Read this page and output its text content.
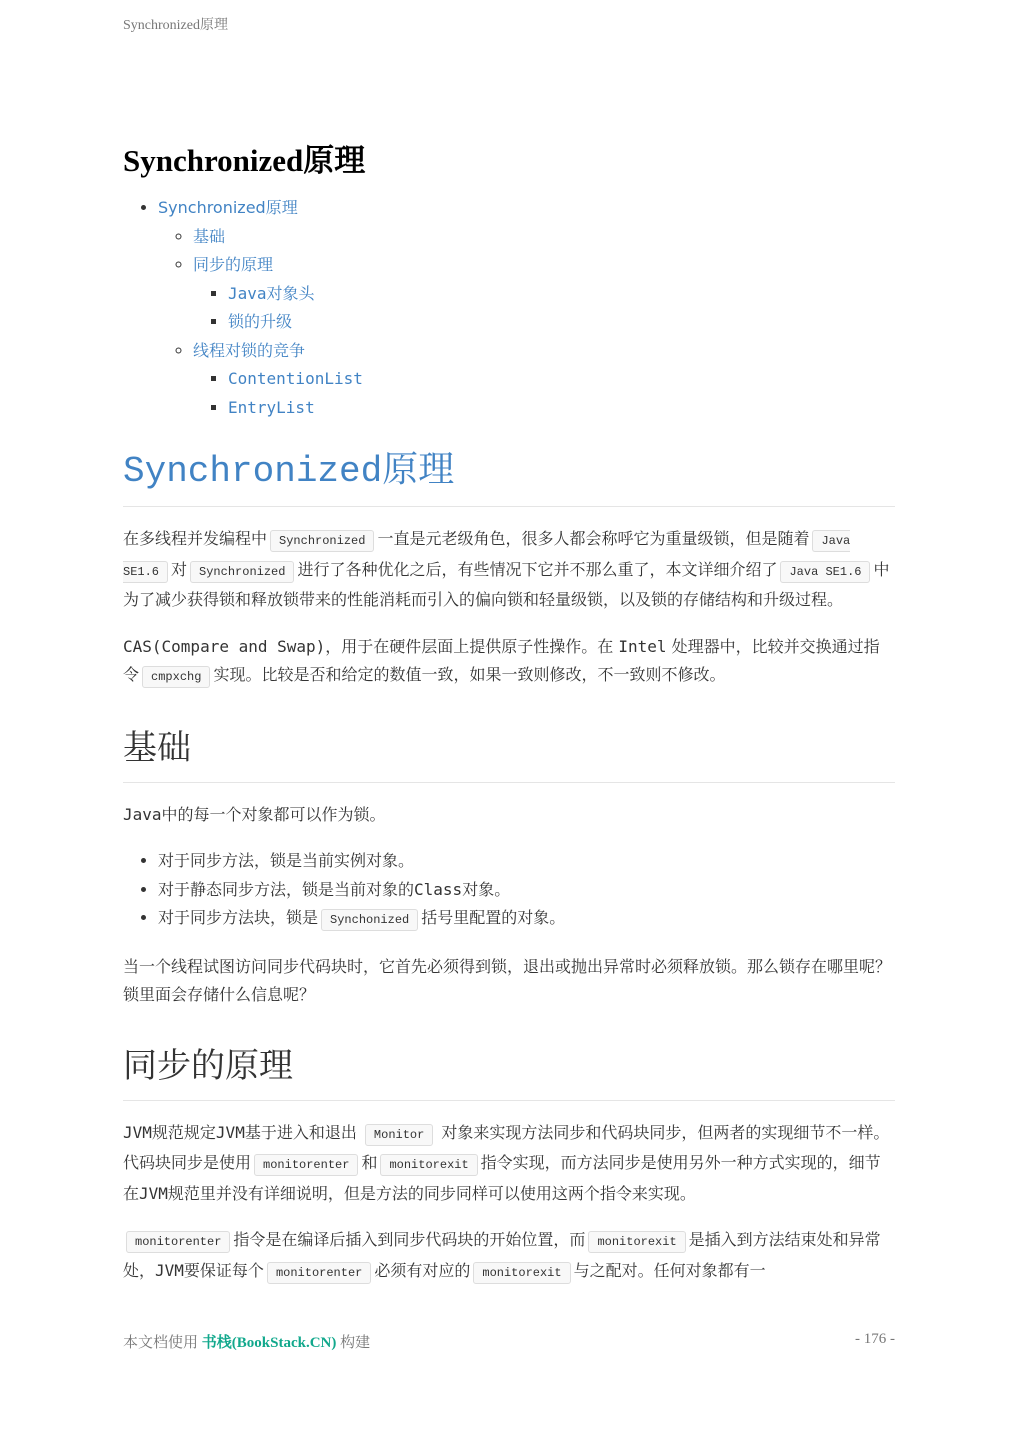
Synchronized原理
Synchronized原理
• Synchronized原理
◦ 基础
◦ 同步的原理
▪ Java对象头
▪ 锁的升级
◦ 线程对锁的竞争
▪ ContentionList
▪ EntryList
Synchronized原理

在多线程并发编程中 Synchronized 一直是元老级角色，很多人都会称呼它为重量级锁，但是随着 Java SE1.6 对 Synchronized 进行了各种优化之后，有些情况下它并不那么重了，本文详细介绍了 Java SE1.6 中为了减少获得锁和释放锁带来的性能消耗而引入的偏向锁和轻量级锁，以及锁的存储结构和升级过程。

CAS(Compare and Swap)，用于在硬件层面上提供原子性操作。在 Intel 处理器中，比较并交换通过指令 cmpxchg 实现。比较是否和给定的数值一致，如果一致则修改，不一致则不修改。

基础

Java中的每一个对象都可以作为锁。

• 对于同步方法，锁是当前实例对象。
• 对于静态同步方法，锁是当前对象的Class对象。
• 对于同步方法块，锁是 Synchonized 括号里配置的对象。

当一个线程试图访问同步代码块时，它首先必须得到锁，退出或抛出异常时必须释放锁。那么锁存在哪里呢？锁里面会存储什么信息呢？

同步的原理

JVM规范规定JVM基于进入和退出 Monitor 对象来实现方法同步和代码块同步，但两者的实现细节不一样。代码块同步是使用 monitorenter 和 monitorexit 指令实现，而方法同步是使用另外一种方式实现的，细节在JVM规范里并没有详细说明，但是方法的同步同样可以使用这两个指令来实现。

monitorenter 指令是在编译后插入到同步代码块的开始位置，而 monitorexit 是插入到方法结束处和异常处，JVM要保证每个 monitorenter 必须有对应的 monitorexit 与之配对。任何对象都有一

本文档使用 书栈(BookStack.CN) 构建	- 176 -
